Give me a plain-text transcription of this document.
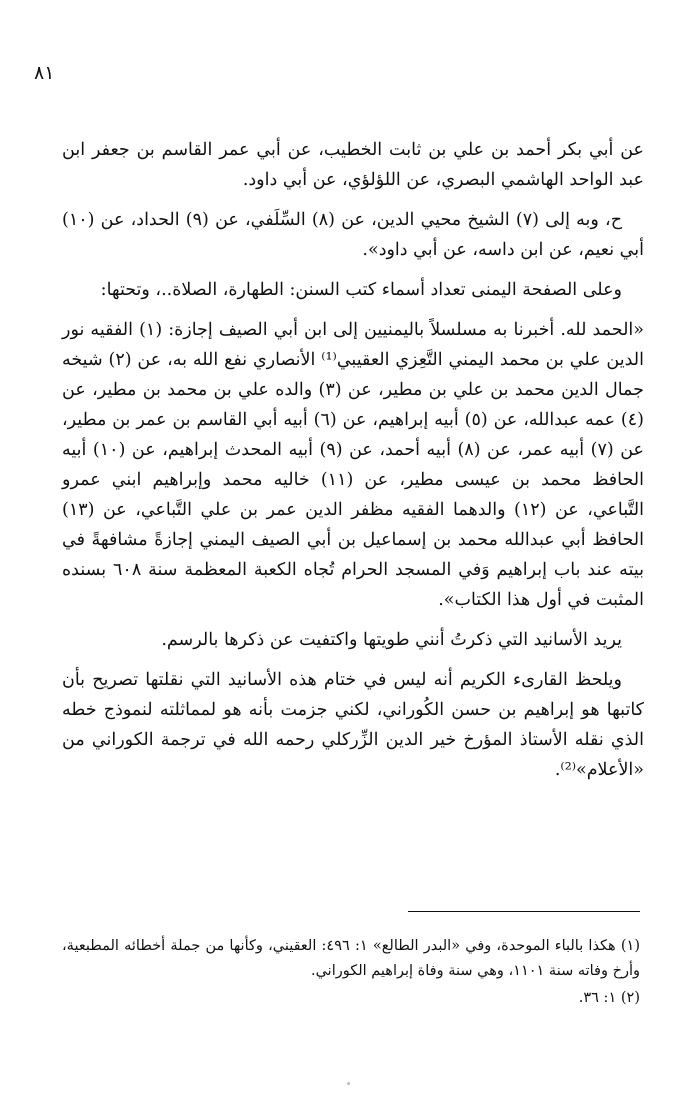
٨١

عن أبي بكر أحمد بن علي بن ثابت الخطيب، عن أبي عمر القاسم بن جعفر ابن عبد الواحد الهاشمي البصري، عن اللؤلؤي، عن أبي داود.

ح، وبه إلى (٧) الشيخ محيي الدين، عن (٨) السِّلَفي، عن (٩) الحداد، عن (١٠) أبي نعيم، عن ابن داسه، عن أبي داود».

وعلى الصفحة اليمنى تعداد أسماء كتب السنن: الطهارة، الصلاة..، وتحتها:

«الحمد لله. أخبرنا به مسلسلاً باليمنيين إلى ابن أبي الصيف إجازة: (١) الفقيه نور الدين علي بن محمد اليمني التَّعِزي العقيبي⁽¹⁾ الأنصاري نفع الله به، عن (٢) شيخه جمال الدين محمد بن علي بن مطير، عن (٣) والده علي بن محمد بن مطير، عن (٤) عمه عبدالله، عن (٥) أبيه إبراهيم، عن (٦) أبيه أبي القاسم بن عمر بن مطير، عن (٧) أبيه عمر، عن (٨) أبيه أحمد، عن (٩) أبيه المحدث إبراهيم، عن (١٠) أبيه الحافظ محمد بن عيسى مطير، عن (١١) خاليه محمد وإبراهيم ابني عمرو التَّباعي، عن (١٢) والدهما الفقيه مظفر الدين عمر بن علي التَّباعي، عن (١٣) الحافظ أبي عبدالله محمد بن إسماعيل بن أبي الصيف اليمني إجازةً مشافهةً في بيته عند باب إبراهيم وَفي المسجد الحرام تُجاه الكعبة المعظمة سنة ٦٠٨ بسنده المثبت في أول هذا الكتاب».

يريد الأسانيد التي ذكرتُ أنني طويتها واكتفيت عن ذكرها بالرسم.

ويلحظ القارىء الكريم أنه ليس في ختام هذه الأسانيد التي نقلتها تصريح بأن كاتبها هو إبراهيم بن حسن الكُوراني، لكني جزمت بأنه هو لمماثلته لنموذج خطه الذي نقله الأستاذ المؤرخ خير الدين الزِّركلي رحمه الله في ترجمة الكوراني من «الأعلام»⁽²⁾.

(١) هكذا بالباء الموحدة، وفي «البدر الطالع» ١: ٤٩٦: العقيني، وكأنها من جملة أخطائه المطبعية، وأرخ وفاته سنة ١١٠١، وهي سنة وفاة إبراهيم الكوراني.

(٢) ١: ٣٦.
